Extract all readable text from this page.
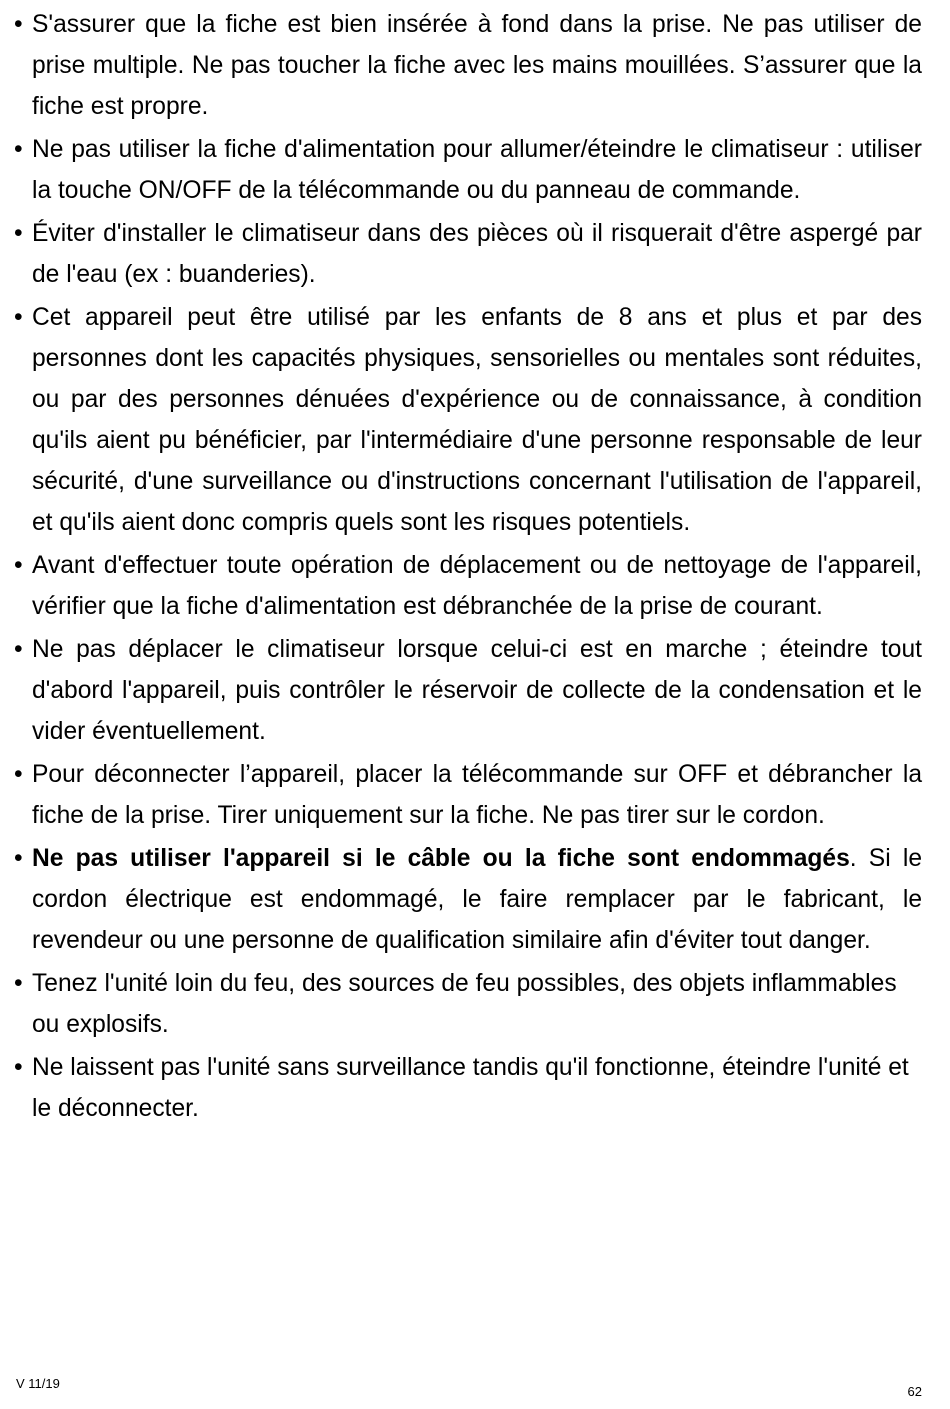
• S'assurer que la fiche est bien insérée à fond dans la prise. Ne pas utiliser de prise multiple. Ne pas toucher la fiche avec les mains mouillées. S’assurer que la fiche est propre.
• Ne pas utiliser la fiche d'alimentation pour allumer/éteindre le climatiseur : utiliser la touche ON/OFF de la télécommande ou du panneau de commande.
• Éviter d'installer le climatiseur dans des pièces où il risquerait d'être aspergé par de l'eau (ex : buanderies).
• Cet appareil peut être utilisé par les enfants de 8 ans et plus et par des personnes dont les capacités physiques, sensorielles ou mentales sont réduites, ou par des personnes dénuées d'expérience ou de connaissance, à condition qu'ils aient pu bénéficier, par l'intermédiaire d'une personne responsable de leur sécurité, d'une surveillance ou d'instructions concernant l'utilisation de l'appareil, et qu'ils aient donc compris quels sont les risques potentiels.
• Avant d'effectuer toute opération de déplacement ou de nettoyage de l'appareil, vérifier que la fiche d'alimentation est débranchée de la prise de courant.
• Ne pas déplacer le climatiseur lorsque celui-ci est en marche ; éteindre tout d'abord l'appareil, puis contrôler le réservoir de collecte de la condensation et le vider éventuellement.
• Pour déconnecter l’appareil, placer la télécommande sur OFF et débrancher la fiche de la prise. Tirer uniquement sur la fiche. Ne pas tirer sur le cordon.
• Ne pas utiliser l'appareil si le câble ou la fiche sont endommagés. Si le cordon électrique est endommagé, le faire remplacer par le fabricant, le revendeur ou une personne de qualification similaire afin d'éviter tout danger.
• Tenez l'unité loin du feu, des sources de feu possibles, des objets inflammables ou explosifs.
• Ne laissent pas l'unité sans surveillance tandis qu'il fonctionne, éteindre l'unité et le déconnecter.
V 11/19
62
